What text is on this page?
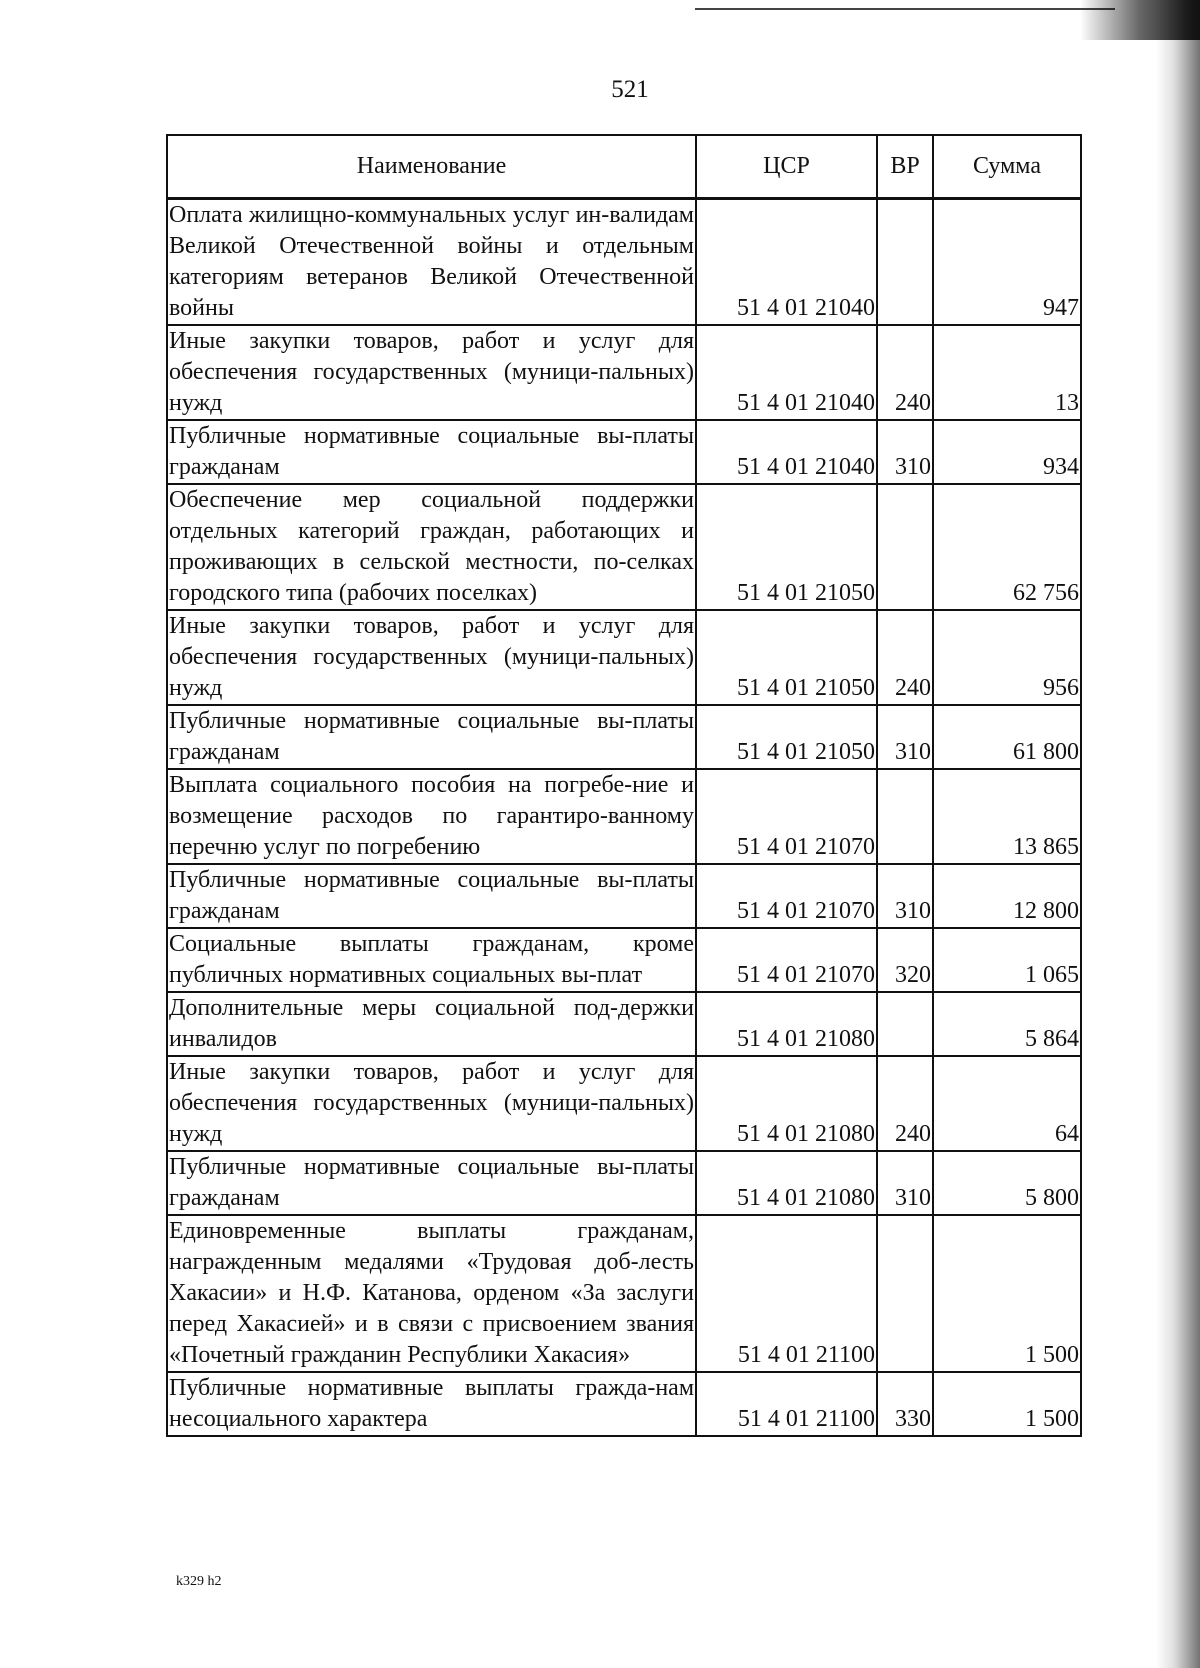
521
Наименование	ЦСР	ВР	Сумма
Оплата жилищно-коммунальных услуг ин-валидам Великой Отечественной войны и отдельным категориям ветеранов Великой Отечественной войны	51 4 01 21040		947
Иные закупки товаров, работ и услуг для обеспечения государственных (муници-пальных) нужд	51 4 01 21040	240	13
Публичные нормативные социальные вы-платы гражданам	51 4 01 21040	310	934
Обеспечение мер социальной поддержки отдельных категорий граждан, работающих и проживающих в сельской местности, по-селках городского типа (рабочих поселках)	51 4 01 21050		62 756
Иные закупки товаров, работ и услуг для обеспечения государственных (муници-пальных) нужд	51 4 01 21050	240	956
Публичные нормативные социальные вы-платы гражданам	51 4 01 21050	310	61 800
Выплата социального пособия на погребе-ние и возмещение расходов по гарантиро-ванному перечню услуг по погребению	51 4 01 21070		13 865
Публичные нормативные социальные вы-платы гражданам	51 4 01 21070	310	12 800
Социальные выплаты гражданам, кроме публичных нормативных социальных вы-плат	51 4 01 21070	320	1 065
Дополнительные меры социальной под-держки инвалидов	51 4 01 21080		5 864
Иные закупки товаров, работ и услуг для обеспечения государственных (муници-пальных) нужд	51 4 01 21080	240	64
Публичные нормативные социальные вы-платы гражданам	51 4 01 21080	310	5 800
Единовременные выплаты гражданам, награжденным медалями «Трудовая доб-лесть Хакасии» и Н.Ф. Катанова, орденом «За заслуги перед Хакасией» и в связи с присвоением звания «Почетный гражданин Республики Хакасия»	51 4 01 21100		1 500
Публичные нормативные выплаты гражда-нам несоциального характера	51 4 01 21100	330	1 500
k329 h2
